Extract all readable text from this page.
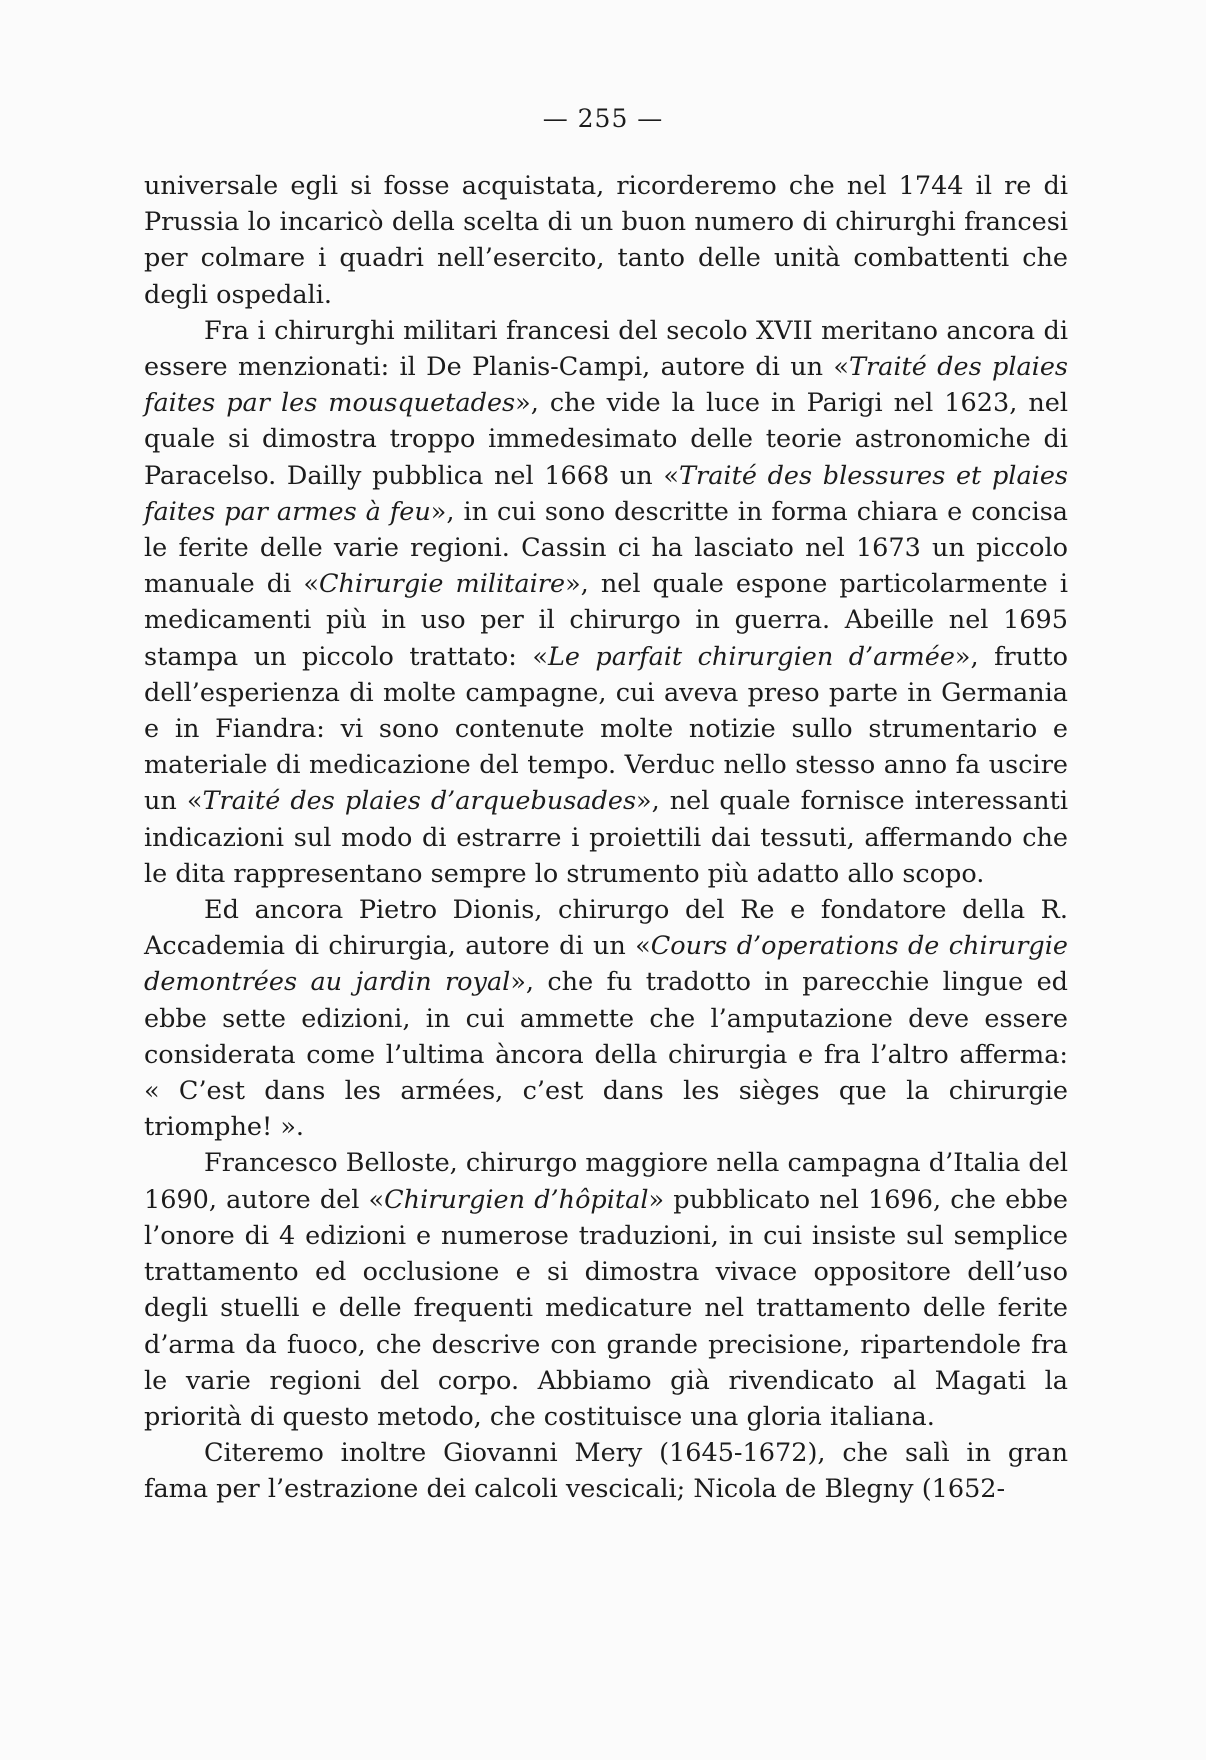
— 255 —

universale egli si fosse acquistata, ricorderemo che nel 1744 il re di Prussia lo incaricò della scelta di un buon numero di chirurghi francesi per colmare i quadri nell’esercito, tanto delle unità combattenti che degli ospedali.

Fra i chirurghi militari francesi del secolo XVII meritano ancora di essere menzionati: il De Planis-Campi, autore di un «Traité des plaies faites par les mousquetades», che vide la luce in Parigi nel 1623, nel quale si dimostra troppo immedesimato delle teorie astronomiche di Paracelso. Dailly pubblica nel 1668 un «Traité des blessures et plaies faites par armes à feu», in cui sono descritte in forma chiara e concisa le ferite delle varie regioni. Cassin ci ha lasciato nel 1673 un piccolo manuale di «Chirurgie militaire», nel quale espone particolarmente i medicamenti più in uso per il chirurgo in guerra. Abeille nel 1695 stampa un piccolo trattato: «Le parfait chirurgien d’armée», frutto dell’esperienza di molte campagne, cui aveva preso parte in Germania e in Fiandra: vi sono contenute molte notizie sullo strumentario e materiale di medicazione del tempo. Verduc nello stesso anno fa uscire un «Traité des plaies d’arquebusades», nel quale fornisce interessanti indicazioni sul modo di estrarre i proiettili dai tessuti, affermando che le dita rappresentano sempre lo strumento più adatto allo scopo.

Ed ancora Pietro Dionis, chirurgo del Re e fondatore della R. Accademia di chirurgia, autore di un «Cours d’operations de chirurgie demontrées au jardin royal», che fu tradotto in parecchie lingue ed ebbe sette edizioni, in cui ammette che l’amputazione deve essere considerata come l’ultima àncora della chirurgia e fra l’altro afferma: « C’est dans les armées, c’est dans les sièges que la chirurgie triomphe! ».

Francesco Belloste, chirurgo maggiore nella campagna d’Italia del 1690, autore del «Chirurgien d’hôpital» pubblicato nel 1696, che ebbe l’onore di 4 edizioni e numerose traduzioni, in cui insiste sul semplice trattamento ed occlusione e si dimostra vivace oppositore dell’uso degli stuelli e delle frequenti medicature nel trattamento delle ferite d’arma da fuoco, che descrive con grande precisione, ripartendole fra le varie regioni del corpo. Abbiamo già rivendicato al Magati la priorità di questo metodo, che costituisce una gloria italiana.

Citeremo inoltre Giovanni Mery (1645-1672), che salì in gran fama per l’estrazione dei calcoli vescicali; Nicola de Blegny (1652-
